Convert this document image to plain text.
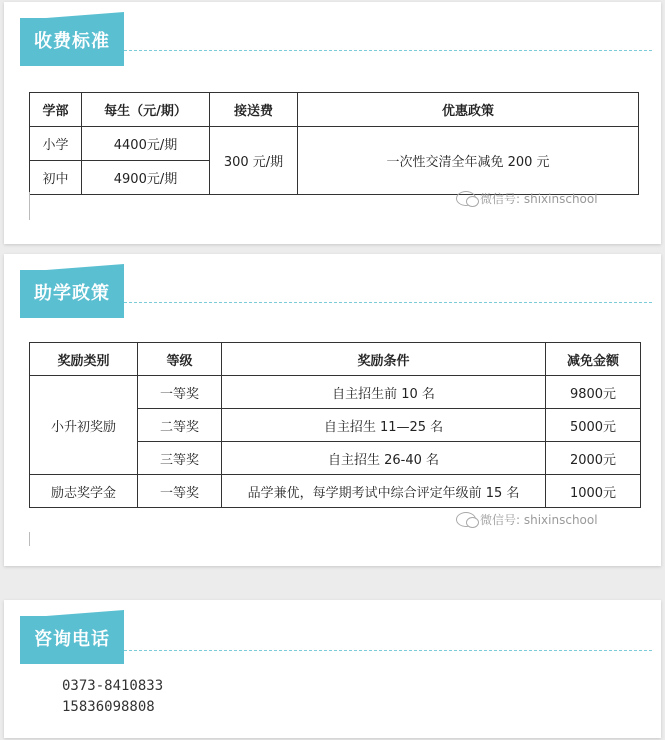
收费标准
学部	每生（元/期）	接送费	优惠政策
小学	4400元/期	300 元/期	一次性交清全年减免 200 元
初中	4900元/期		
微信号: shixinschool
助学政策
奖励类别	等级	奖励条件	减免金额
小升初奖励	一等奖	自主招生前 10 名	9800元
	二等奖	自主招生 11—25 名	5000元
	三等奖	自主招生 26-40 名	2000元
励志奖学金	一等奖	品学兼优，每学期考试中综合评定年级前 15 名	1000元
微信号: shixinschool
咨询电话
0373-8410833
15836098808
